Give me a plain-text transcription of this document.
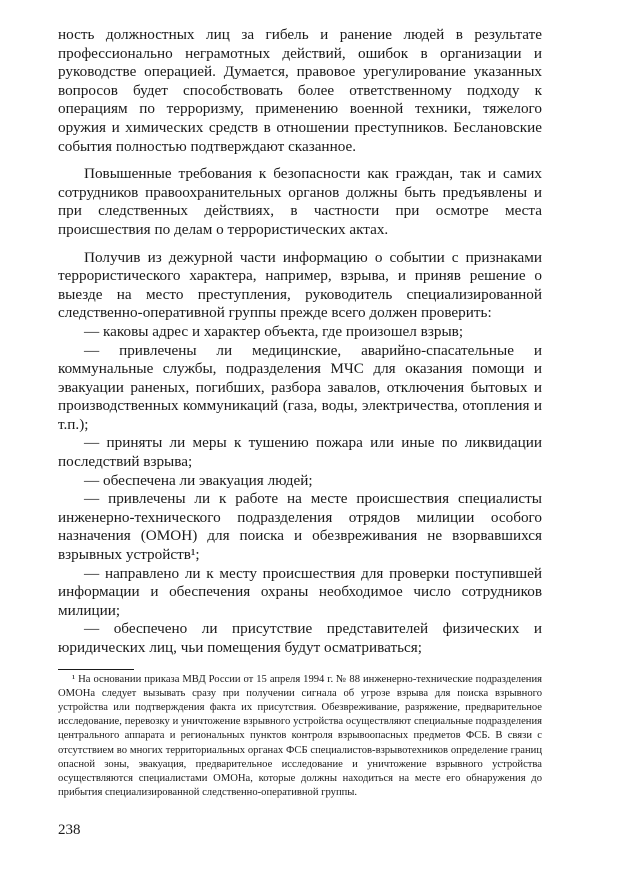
ность должностных лиц за гибель и ранение людей в результате профессионально неграмотных действий, ошибок в организации и руководстве операцией. Думается, правовое урегулирование указанных вопросов будет способствовать более ответственному подходу к операциям по терроризму, применению военной техники, тяжелого оружия и химических средств в отношении преступников. Беслановские события полностью подтверждают сказанное.

Повышенные требования к безопасности как граждан, так и самих сотрудников правоохранительных органов должны быть предъявлены и при следственных действиях, в частности при осмотре места происшествия по делам о террористических актах.

Получив из дежурной части информацию о событии с признаками террористического характера, например, взрыва, и приняв решение о выезде на место преступления, руководитель специализированной следственно-оперативной группы прежде всего должен проверить:

— каковы адрес и характер объекта, где произошел взрыв;

— привлечены ли медицинские, аварийно-спасательные и коммунальные службы, подразделения МЧС для оказания помощи и эвакуации раненых, погибших, разбора завалов, отключения бытовых и производственных коммуникаций (газа, воды, электричества, отопления и т.п.);

— приняты ли меры к тушению пожара или иные по ликвидации последствий взрыва;

— обеспечена ли эвакуация людей;

— привлечены ли к работе на месте происшествия специалисты инженерно-технического подразделения отрядов милиции особого назначения (ОМОН) для поиска и обезвреживания не взорвавшихся взрывных устройств¹;

— направлено ли к месту происшествия для проверки поступившей информации и обеспечения охраны необходимое число сотрудников милиции;

— обеспечено ли присутствие представителей физических и юридических лиц, чьи помещения будут осматриваться;

¹ На основании приказа МВД России от 15 апреля 1994 г. № 88 инженерно-технические подразделения ОМОНа следует вызывать сразу при получении сигнала об угрозе взрыва для поиска взрывного устройства или подтверждения факта их присутствия. Обезвреживание, разряжение, предварительное исследование, перевозку и уничтожение взрывного устройства осуществляют специальные подразделения центрального аппарата и региональных пунктов контроля взрывоопасных предметов ФСБ. В связи с отсутствием во многих территориальных органах ФСБ специалистов-взрывотехников определение границ опасной зоны, эвакуация, предварительное исследование и уничтожение взрывного устройства осуществляются специалистами ОМОНа, которые должны находиться на месте его обнаружения до прибытия специализированной следственно-оперативной группы.

238
